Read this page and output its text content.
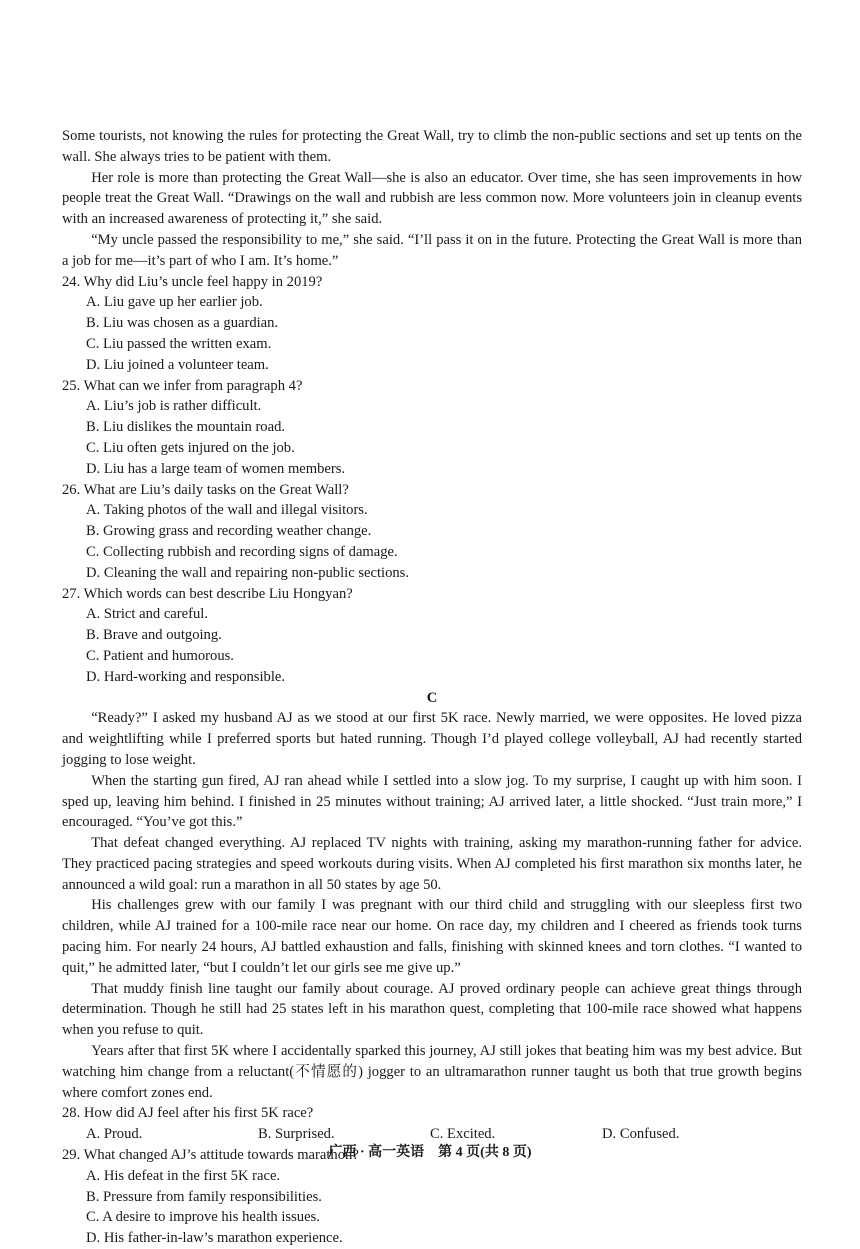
Some tourists, not knowing the rules for protecting the Great Wall, try to climb the non-public sections and set up tents on the wall. She always tries to be patient with them.

Her role is more than protecting the Great Wall—she is also an educator. Over time, she has seen improvements in how people treat the Great Wall. “Drawings on the wall and rubbish are less common now. More volunteers join in cleanup events with an increased awareness of protecting it,” she said.

“My uncle passed the responsibility to me,” she said. “I’ll pass it on in the future. Protecting the Great Wall is more than a job for me—it’s part of who I am. It’s home.”

24. Why did Liu’s uncle feel happy in 2019?

A. Liu gave up her earlier job.
B. Liu was chosen as a guardian.
C. Liu passed the written exam.
D. Liu joined a volunteer team.

25. What can we infer from paragraph 4?

A. Liu’s job is rather difficult.
B. Liu dislikes the mountain road.
C. Liu often gets injured on the job.
D. Liu has a large team of women members.

26. What are Liu’s daily tasks on the Great Wall?

A. Taking photos of the wall and illegal visitors.
B. Growing grass and recording weather change.
C. Collecting rubbish and recording signs of damage.
D. Cleaning the wall and repairing non-public sections.

27. Which words can best describe Liu Hongyan?

A. Strict and careful.
B. Brave and outgoing.
C. Patient and humorous.
D. Hard-working and responsible.
C

“Ready?” I asked my husband AJ as we stood at our first 5K race. Newly married, we were opposites. He loved pizza and weightlifting while I preferred sports but hated running. Though I’d played college volleyball, AJ had recently started jogging to lose weight.

When the starting gun fired, AJ ran ahead while I settled into a slow jog. To my surprise, I caught up with him soon. I sped up, leaving him behind. I finished in 25 minutes without training; AJ arrived later, a little shocked. “Just train more,” I encouraged. “You’ve got this.”

That defeat changed everything. AJ replaced TV nights with training, asking my marathon-running father for advice. They practiced pacing strategies and speed workouts during visits. When AJ completed his first marathon six months later, he announced a wild goal: run a marathon in all 50 states by age 50.

His challenges grew with our family I was pregnant with our third child and struggling with our sleepless first two children, while AJ trained for a 100-mile race near our home. On race day, my children and I cheered as friends took turns pacing him. For nearly 24 hours, AJ battled exhaustion and falls, finishing with skinned knees and torn clothes. “I wanted to quit,” he admitted later, “but I couldn’t let our girls see me give up.”

That muddy finish line taught our family about courage. AJ proved ordinary people can achieve great things through determination. Though he still had 25 states left in his marathon quest, completing that 100-mile race showed what happens when you refuse to quit.

Years after that first 5K where I accidentally sparked this journey, AJ still jokes that beating him was my best advice. But watching him change from a reluctant(不情愿的) jogger to an ultramarathon runner taught us both that true growth begins where comfort zones end.

28. How did AJ feel after his first 5K race?

A. Proud.	B. Surprised.	C. Excited.	D. Confused.

29. What changed AJ’s attitude towards marathon?

A. His defeat in the first 5K race.
B. Pressure from family responsibilities.
C. A desire to improve his health issues.
D. His father-in-law’s marathon experience.
广西 · 高一英语　第 4 页(共 8 页)
